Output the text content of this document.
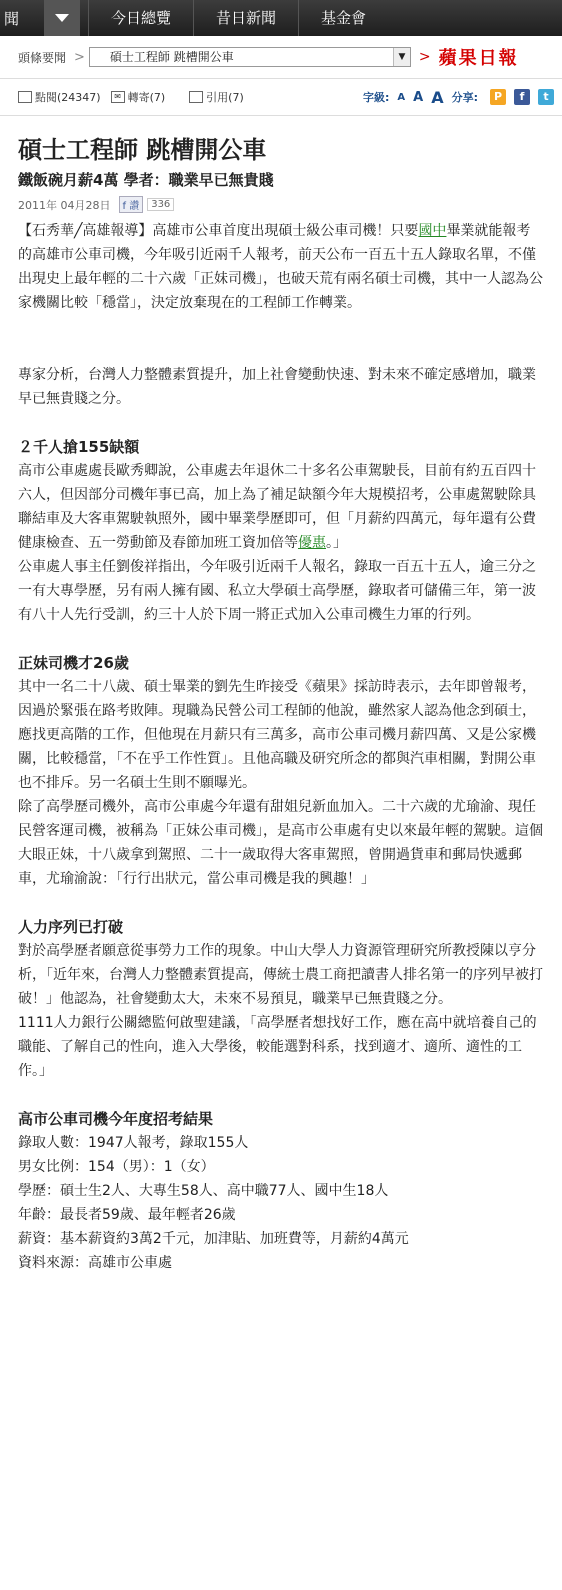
聞	今日總覽	昔日新聞	基金會
頭條要聞 >	碩士工程師 跳槽開公車	▼ > 蘋果日報
點閱(24347)	✉ 轉寄(7)	引用(7)	字級: A A A 分享:	P	f	t
碩士工程師 跳槽開公車
鐵飯碗月薪4萬 學者：職業早已無貴賤
2011年 04月28日	f 讚	336

【石秀華╱高雄報導】高雄市公車首度出現碩士級公車司機！只要國中畢業就能報考的高雄市公車司機，今年吸引近兩千人報考，前天公布一百五十五人錄取名單，不僅出現史上最年輕的二十六歲「正妹司機」，也破天荒有兩名碩士司機，其中一人認為公家機關比較「穩當」，決定放棄現在的工程師工作轉業。

專家分析，台灣人力整體素質提升，加上社會變動快速、對未來不確定感增加，職業早已無貴賤之分。

２千人搶155缺額

高市公車處處長歐秀卿說，公車處去年退休二十多名公車駕駛長，目前有約五百四十六人，但因部分司機年事已高，加上為了補足缺額今年大規模招考，公車處駕駛除具聯結車及大客車駕駛執照外，國中畢業學歷即可，但「月薪約四萬元，每年還有公費健康檢查、五一勞動節及春節加班工資加倍等優惠。」

公車處人事主任劉俊祥指出，今年吸引近兩千人報名，錄取一百五十五人，逾三分之一有大專學歷，另有兩人擁有國、私立大學碩士高學歷，錄取者可儲備三年，第一波有八十人先行受訓，約三十人於下周一將正式加入公車司機生力軍的行列。

正妹司機才26歲

其中一名二十八歲、碩士畢業的劉先生昨接受《蘋果》採訪時表示，去年即曾報考，因過於緊張在路考敗陣。現職為民營公司工程師的他說，雖然家人認為他念到碩士，應找更高階的工作，但他現在月薪只有三萬多，高市公車司機月薪四萬、又是公家機關，比較穩當，「不在乎工作性質」。且他高職及研究所念的都與汽車相關，對開公車也不排斥。另一名碩士生則不願曝光。

除了高學歷司機外，高市公車處今年還有甜姐兒新血加入。二十六歲的尤瑜渝、現任民營客運司機，被稱為「正妹公車司機」，是高市公車處有史以來最年輕的駕駛。這個大眼正妹，十八歲拿到駕照、二十一歲取得大客車駕照，曾開過貨車和郵局快遞郵車，尤瑜渝說：「行行出狀元，當公車司機是我的興趣！」

人力序列已打破

對於高學歷者願意從事勞力工作的現象。中山大學人力資源管理研究所教授陳以亨分析，「近年來，台灣人力整體素質提高，傳統士農工商把讀書人排名第一的序列早被打破！」他認為，社會變動太大，未來不易預見，職業早已無貴賤之分。

1111人力銀行公關總監何啟聖建議，「高學歷者想找好工作，應在高中就培養自己的職能、了解自己的性向，進入大學後，較能選對科系，找到適才、適所、適性的工作。」

高市公車司機今年度招考結果

錄取人數：1947人報考，錄取155人

男女比例：154（男）：1（女）

學歷：碩士生2人、大專生58人、高中職77人、國中生18人

年齡：最長者59歲、最年輕者26歲

薪資：基本薪資約3萬2千元，加津貼、加班費等，月薪約4萬元

資料來源：高雄市公車處
